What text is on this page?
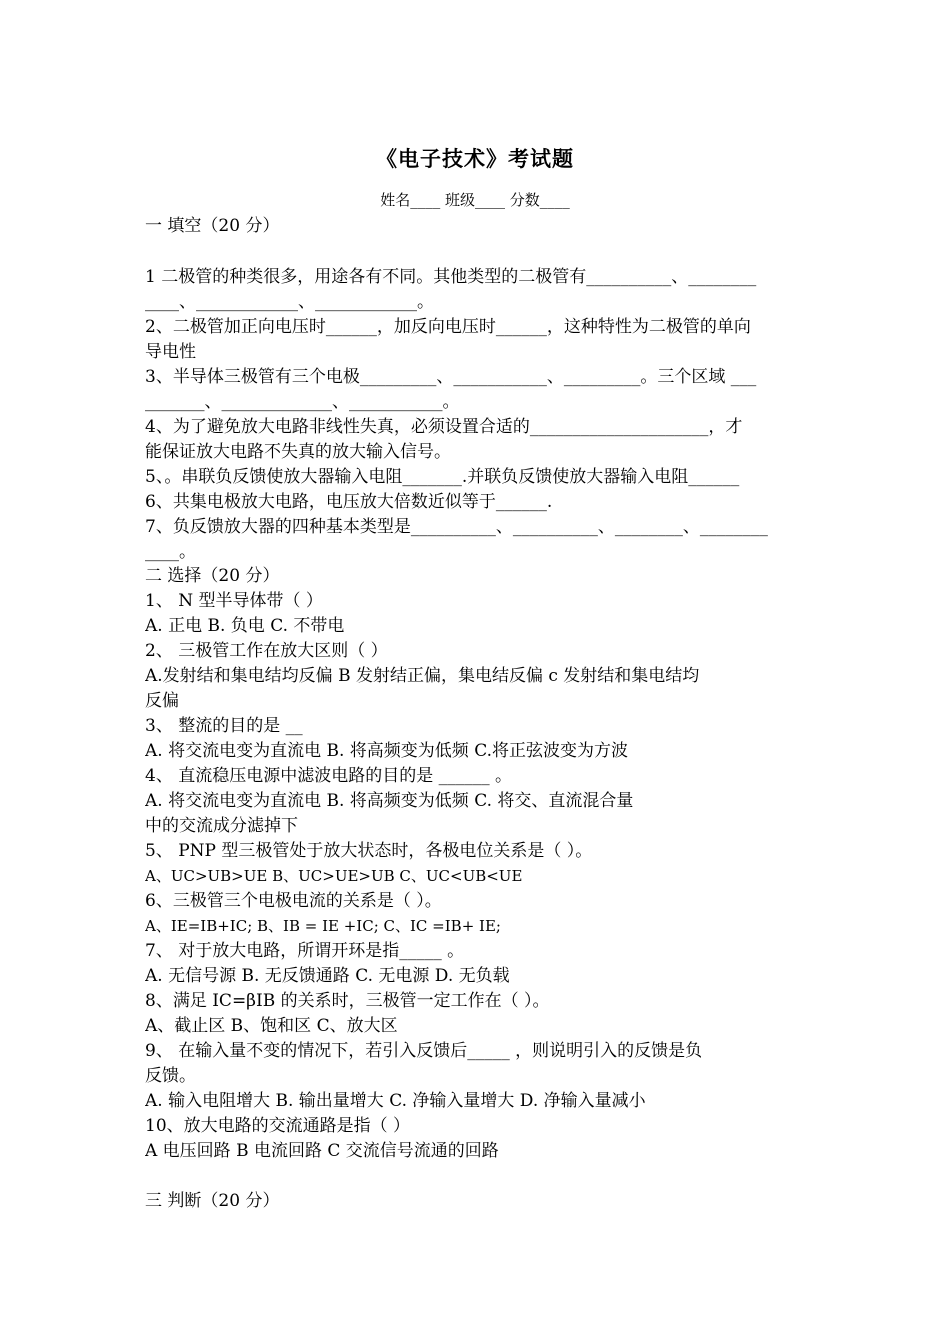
《电子技术》考试题
姓名____ 班级____ 分数____
一 填空（20 分）
1 二极管的种类很多，用途各有不同。其他类型的二极管有__________、________
____、____________、____________。
2、二极管加正向电压时______，加反向电压时______，这种特性为二极管的单向
导电性
3、半导体三极管有三个电极_________、___________、_________。三个区域 ___
_______、_____________、___________。
4、为了避免放大电路非线性失真，必须设置合适的_____________________，才
能保证放大电路不失真的放大输入信号。
5、。串联负反馈使放大器输入电阻_______.并联负反馈使放大器输入电阻______
6、共集电极放大电路，电压放大倍数近似等于______.
7、负反馈放大器的四种基本类型是__________、__________、________、________
____。
二 选择（20 分）
1、 N 型半导体带（ ）
A. 正电 B. 负电 C. 不带电
2、 三极管工作在放大区则（ ）
A.发射结和集电结均反偏 B 发射结正偏，集电结反偏 c 发射结和集电结均
反偏
3、 整流的目的是 __
A. 将交流电变为直流电 B. 将高频变为低频 C.将正弦波变为方波
4、 直流稳压电源中滤波电路的目的是 ______ 。
A. 将交流电变为直流电 B. 将高频变为低频 C. 将交、直流混合量
中的交流成分滤掉下
5、 PNP 型三极管处于放大状态时，各极电位关系是（ ）。
A、UC>UB>UE B、UC>UE>UB C、UC<UB<UE
6、三极管三个电极电流的关系是（ ）。
A、IE=IB+IC; B、IB = IE +IC; C、IC =IB+ IE;
7、 对于放大电路，所谓开环是指_____ 。
A. 无信号源 B. 无反馈通路 C. 无电源 D. 无负载
8、满足 IC=βIB 的关系时，三极管一定工作在（ ）。
A、截止区 B、饱和区 C、放大区
9、 在输入量不变的情况下，若引入反馈后_____ ，则说明引入的反馈是负
反馈。
A. 输入电阻增大 B. 输出量增大 C. 净输入量增大 D. 净输入量减小
10、放大电路的交流通路是指（ ）
A 电压回路 B 电流回路 C 交流信号流通的回路
三 判断（20 分）
